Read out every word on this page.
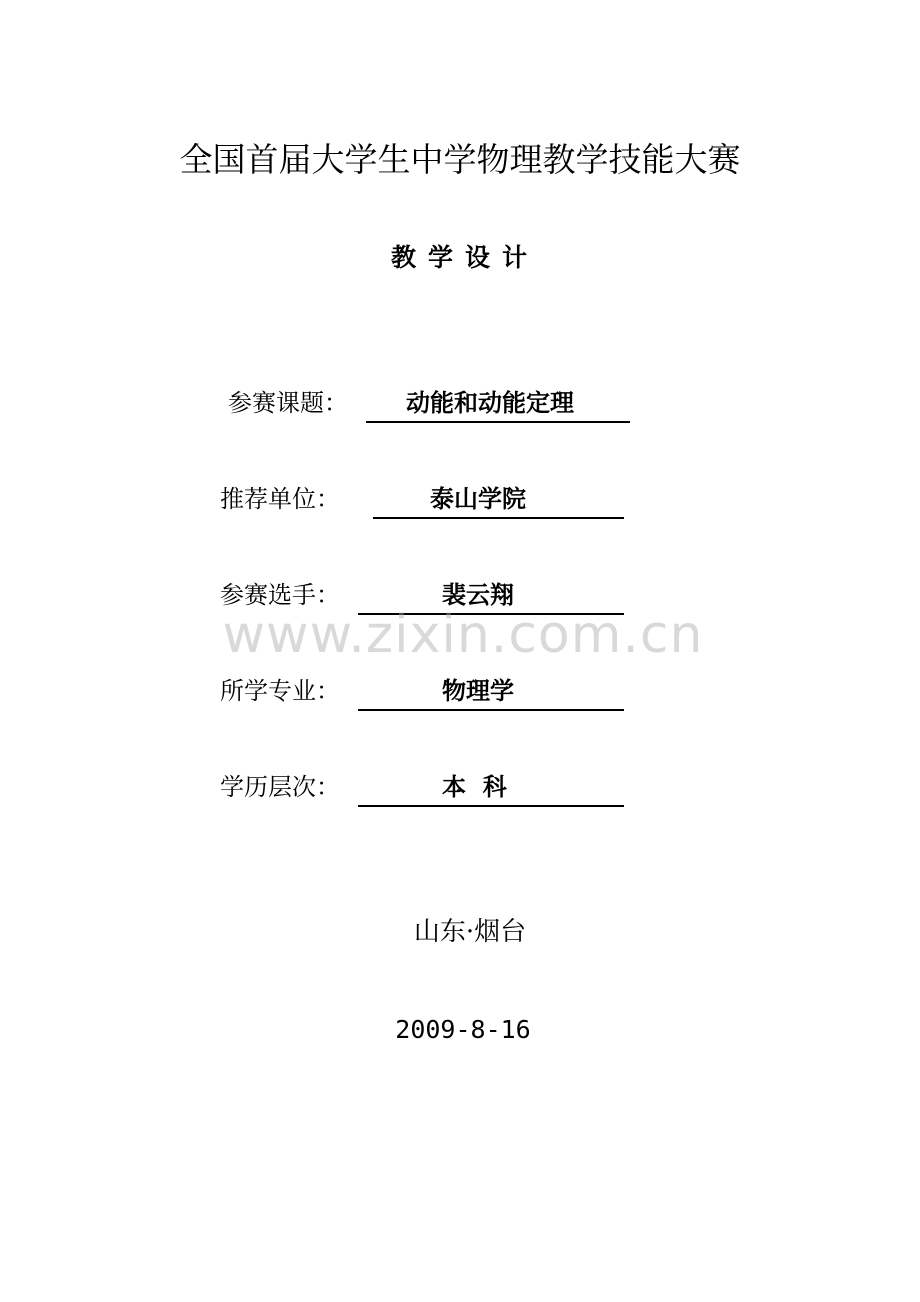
全国首届大学生中学物理教学技能大赛
教学设计
参赛课题： 动能和动能定理
推荐单位：	泰山学院
参赛选手：	裴云翔
所学专业：	物理学
学历层次：	本  科
www.zixin.com.cn
山东·烟台
2009-8-16
